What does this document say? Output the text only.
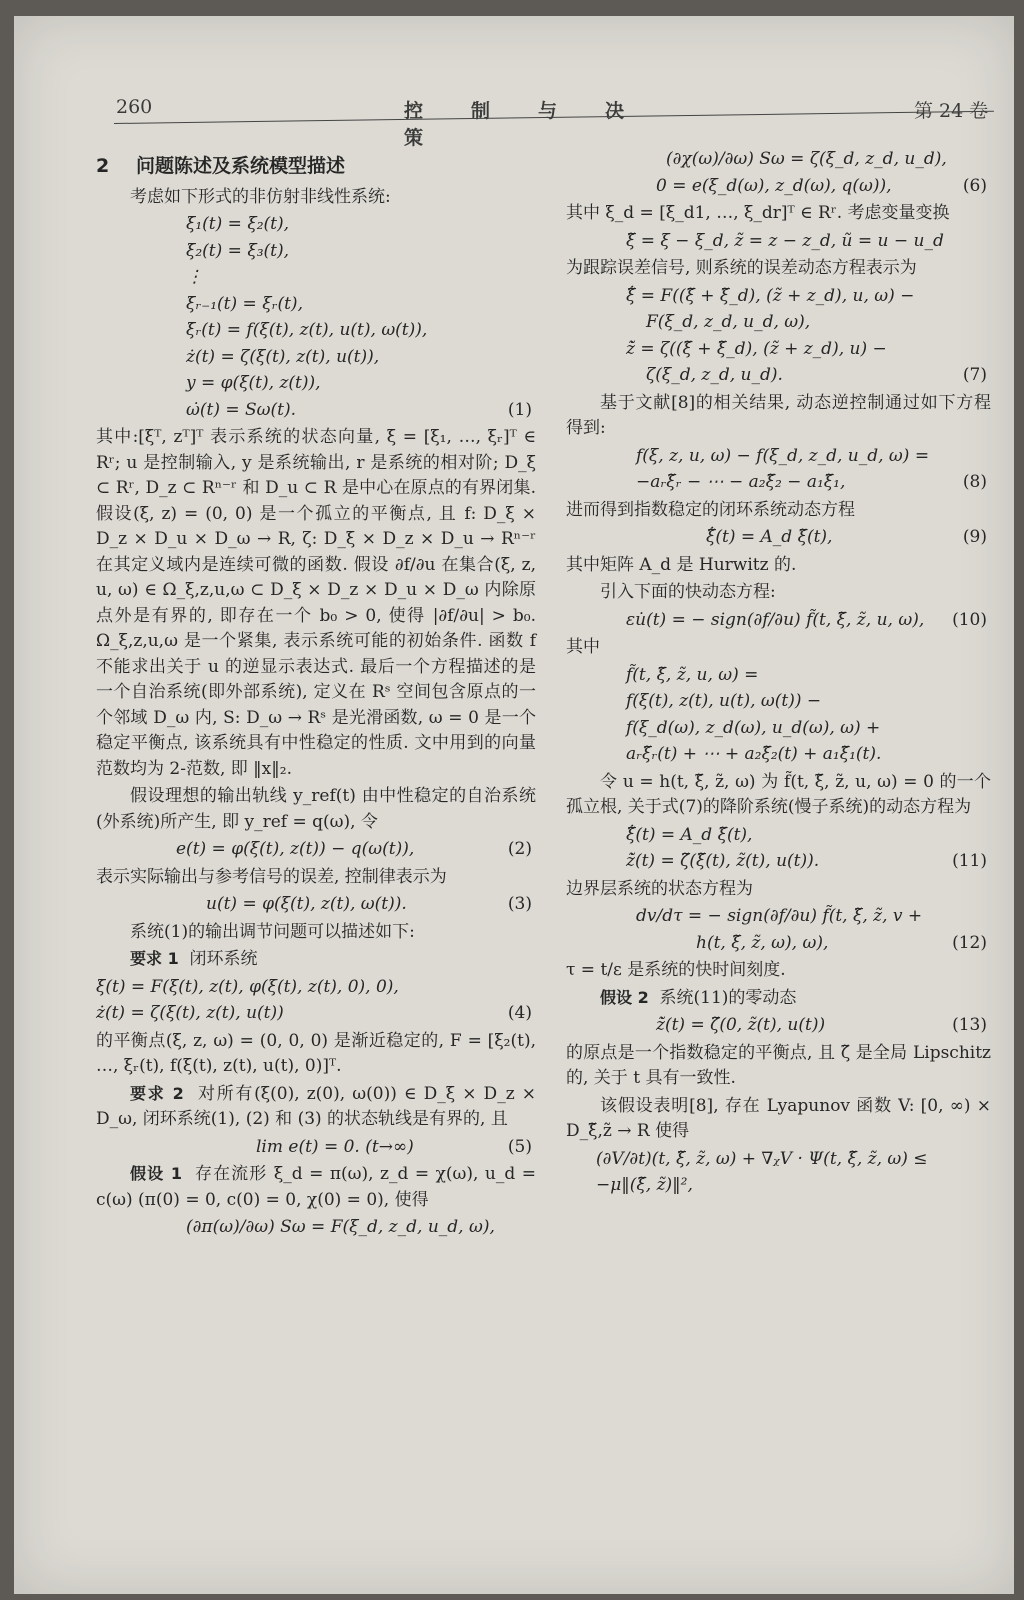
260	控制与决策
第 24 卷
2 问题陈述及系统模型描述

考虑如下形式的非仿射非线性系统:

ξ̇₁(t) = ξ₂(t),
ξ̇₂(t) = ξ₃(t),
⋮
ξ̇ᵣ₋₁(t) = ξᵣ(t),
ξ̇ᵣ(t) = f(ξ(t), z(t), u(t), ω(t)),
ż(t) = ζ(ξ(t), z(t), u(t)),
y = φ(ξ(t), z(t)),
ω̇(t) = Sω(t).	(1)

其中:[ξᵀ, zᵀ]ᵀ 表示系统的状态向量, ξ = [ξ₁, …, ξᵣ]ᵀ ∈ Rʳ; u 是控制输入, y 是系统输出, r 是系统的相对阶; D_ξ ⊂ Rʳ, D_z ⊂ Rⁿ⁻ʳ 和 D_u ⊂ R 是中心在原点的有界闭集. 假设(ξ, z) = (0, 0) 是一个孤立的平衡点, 且 f: D_ξ × D_z × D_u × D_ω → R, ζ: D_ξ × D_z × D_u → Rⁿ⁻ʳ 在其定义域内是连续可微的函数. 假设 ∂f/∂u 在集合(ξ, z, u, ω) ∈ Ω_ξ,z,u,ω ⊂ D_ξ × D_z × D_u × D_ω 内除原点外是有界的, 即存在一个 b₀ > 0, 使得 |∂f/∂u| > b₀. Ω_ξ,z,u,ω 是一个紧集, 表示系统可能的初始条件. 函数 f 不能求出关于 u 的逆显示表达式. 最后一个方程描述的是一个自治系统(即外部系统), 定义在 Rˢ 空间包含原点的一个邻域 D_ω 内, S: D_ω → Rˢ 是光滑函数, ω = 0 是一个稳定平衡点, 该系统具有中性稳定的性质. 文中用到的向量范数均为 2-范数, 即 ‖x‖₂.

假设理想的输出轨线 y_ref(t) 由中性稳定的自治系统(外系统)所产生, 即 y_ref = q(ω), 令

e(t) = φ(ξ(t), z(t)) − q(ω(t)),	(2)

表示实际输出与参考信号的误差, 控制律表示为

u(t) = φ(ξ(t), z(t), ω(t)).	(3)

系统(1)的输出调节问题可以描述如下:

要求 1 闭环系统

ξ̇(t) = F(ξ(t), z(t), φ(ξ(t), z(t), 0), 0),
ż(t) = ζ(ξ(t), z(t), u(t))	(4)

的平衡点(ξ, z, ω) = (0, 0, 0) 是渐近稳定的, F = [ξ₂(t), …, ξᵣ(t), f(ξ(t), z(t), u(t), 0)]ᵀ.

要求 2 对所有(ξ(0), z(0), ω(0)) ∈ D_ξ × D_z × D_ω, 闭环系统(1), (2) 和 (3) 的状态轨线是有界的, 且

lim e(t) = 0. (t→∞)	(5)

假设 1 存在流形 ξ_d = π(ω), z_d = χ(ω), u_d = c(ω) (π(0) = 0, c(0) = 0, χ(0) = 0), 使得

(∂π(ω)/∂ω) Sω = F(ξ_d, z_d, u_d, ω),
(∂χ(ω)/∂ω) Sω = ζ(ξ_d, z_d, u_d),
0 = e(ξ_d(ω), z_d(ω), q(ω)),	(6)

其中 ξ_d = [ξ_d1, …, ξ_dr]ᵀ ∈ Rʳ. 考虑变量变换

ξ̃ = ξ − ξ_d, z̃ = z − z_d, ũ = u − u_d

为跟踪误差信号, 则系统的误差动态方程表示为

ξ̃̇ = F((ξ̃ + ξ̃_d), (z̃ + z_d), u, ω) −
F(ξ_d, z_d, u_d, ω),
z̃̇ = ζ((ξ̃ + ξ̃_d), (z̃ + z_d), u) −
ζ(ξ_d, z_d, u_d).	(7)

基于文献[8]的相关结果, 动态逆控制通过如下方程得到:

f(ξ, z, u, ω) − f(ξ_d, z_d, u_d, ω) =
−aᵣξ̃ᵣ − ⋯ − a₂ξ̃₂ − a₁ξ̃₁,	(8)

进而得到指数稳定的闭环系统动态方程

ξ̃̇(t) = A_d ξ̃(t),	(9)

其中矩阵 A_d 是 Hurwitz 的.

引入下面的快动态方程:

εu̇(t) = − sign(∂f/∂u) f̃(t, ξ̃, z̃, u, ω), (10)

其中

f̃(t, ξ̃, z̃, u, ω) =
f(ξ(t), z(t), u(t), ω(t)) −
f(ξ_d(ω), z_d(ω), u_d(ω), ω) +
aᵣξ̃ᵣ(t) + ⋯ + a₂ξ̃₂(t) + a₁ξ̃₁(t).

令 u = h(t, ξ̃, z̃, ω) 为 f̃(t, ξ̃, z̃, u, ω) = 0 的一个孤立根, 关于式(7)的降阶系统(慢子系统)的动态方程为

ξ̃̇(t) = A_d ξ̃(t),
z̃̇(t) = ζ̃(ξ̃(t), z̃(t), u(t)).	(11)

边界层系统的状态方程为

dv/dτ = − sign(∂f/∂u) f̃(t, ξ̃, z̃, v +
h(t, ξ̃, z̃, ω), ω),	(12)

τ = t/ε 是系统的快时间刻度.

假设 2 系统(11)的零动态

z̃̇(t) = ζ̃(0, z̃(t), u(t))	(13)

的原点是一个指数稳定的平衡点, 且 ζ̃ 是全局 Lipschitz 的, 关于 t 具有一致性.

该假设表明[8], 存在 Lyapunov 函数 V: [0, ∞) × D_ξ̃,z̃ → R 使得

(∂V/∂t)(t, ξ̃, z̃, ω) + ∇ᵪV · Ψ(t, ξ̃, z̃, ω) ≤
−μ‖(ξ̃, z̃)‖²,
